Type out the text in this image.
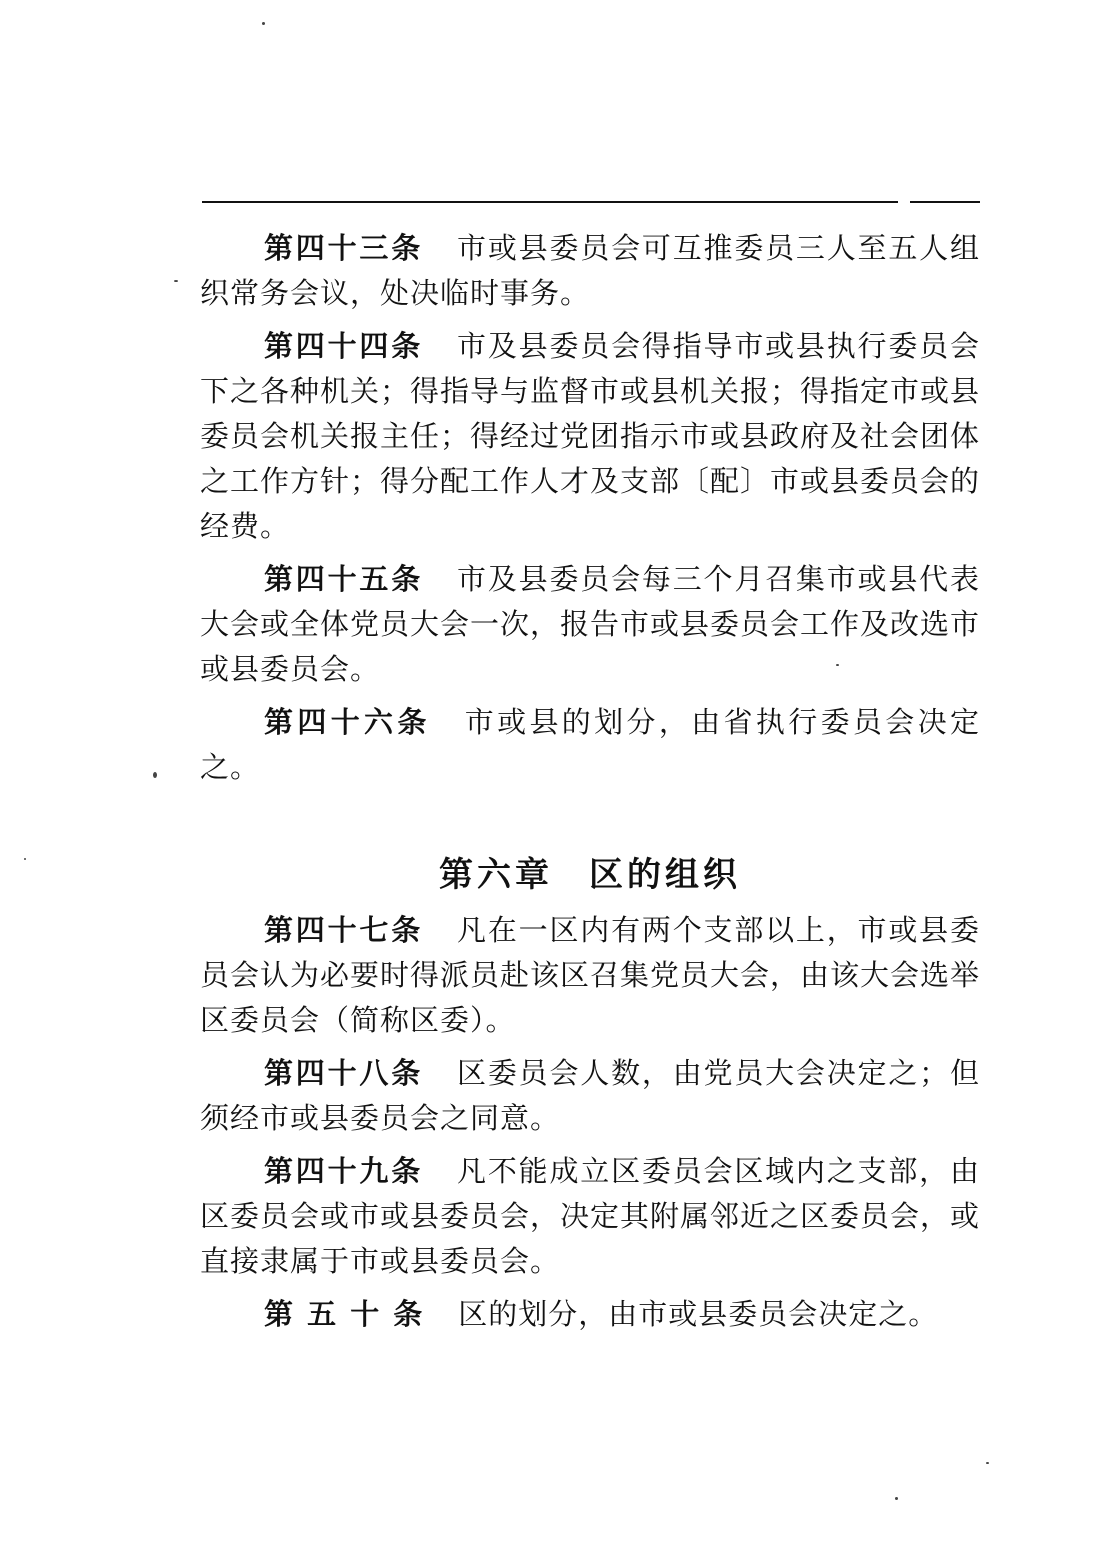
第四十三条 市或县委员会可互推委员三人至五人组织常务会议，处决临时事务。

第四十四条 市及县委员会得指导市或县执行委员会下之各种机关；得指导与监督市或县机关报；得指定市或县委员会机关报主任；得经过党团指示市或县政府及社会团体之工作方针；得分配工作人才及支部〔配〕市或县委员会的经费。

第四十五条 市及县委员会每三个月召集市或县代表大会或全体党员大会一次，报告市或县委员会工作及改选市或县委员会。

第四十六条 市或县的划分，由省执行委员会决定之。

第六章 区的组织

第四十七条 凡在一区内有两个支部以上，市或县委员会认为必要时得派员赴该区召集党员大会，由该大会选举区委员会（简称区委）。

第四十八条 区委员会人数，由党员大会决定之；但须经市或县委员会之同意。

第四十九条 凡不能成立区委员会区域内之支部，由区委员会或市或县委员会，决定其附属邻近之区委员会，或直接隶属于市或县委员会。

第 五 十 条 区的划分，由市或县委员会决定之。
